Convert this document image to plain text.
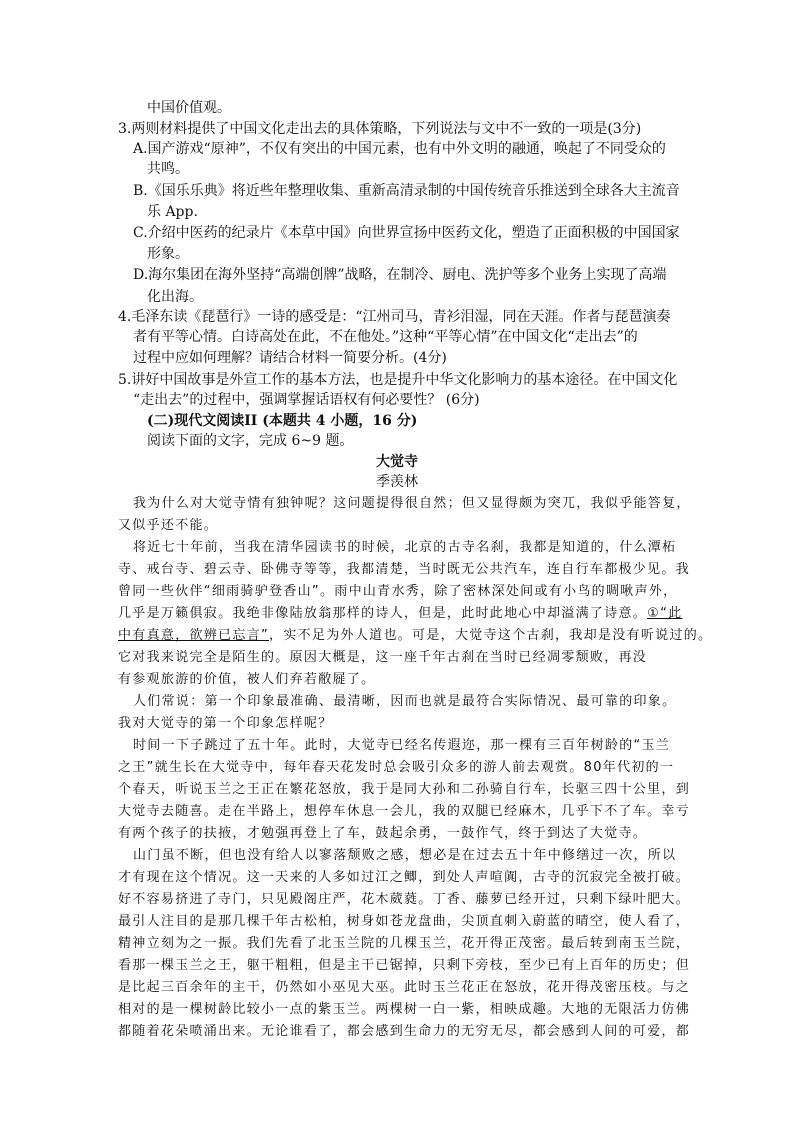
中国价值观。
3.两则材料提供了中国文化走出去的具体策略，下列说法与文中不一致的一项是(3分)
A.国产游戏“原神”，不仅有突出的中国元素，也有中外文明的融通，唤起了不同受众的
共鸣。
B.《国乐乐典》将近些年整理收集、重新高清录制的中国传统音乐推送到全球各大主流音
乐 App.
C.介绍中医药的纪录片《本草中国》向世界宣扬中医药文化，塑造了正面积极的中国国家
形象。
D.海尔集团在海外坚持“高端创牌”战略，在制冷、厨电、洗护等多个业务上实现了高端
化出海。
4.毛泽东读《琵琶行》一诗的感受是：“江州司马，青衫泪湿，同在天涯。作者与琵琶演奏
者有平等心情。白诗高处在此，不在他处。”这种“平等心情”在中国文化“走出去”的
过程中应如何理解？请结合材料一简要分析。(4分)
5.讲好中国故事是外宣工作的基本方法，也是提升中华文化影响力的基本途径。在中国文化
“走出去”的过程中，强调掌握话语权有何必要性？ (6分)
(二)现代文阅读II (本题共 4 小题，16 分)
阅读下面的文字，完成 6~9 题。
大觉寺
季羡林
我为什么对大觉寺情有独钟呢？这问题提得很自然；但又显得颇为突兀，我似乎能答复，
又似乎还不能。
将近七十年前，当我在清华园读书的时候，北京的古寺名刹，我都是知道的，什么潭柘
寺、戒台寺、碧云寺、卧佛寺等等，我都清楚，当时既无公共汽车，连自行车都极少见。我
曾同一些伙伴“细雨骑驴登香山”。雨中山青水秀，除了密林深处间或有小鸟的啁啾声外，
几乎是万籁俱寂。我绝非像陆放翁那样的诗人，但是，此时此地心中却溢满了诗意。①“此
中有真意，欲辨已忘言”，实不足为外人道也。可是，大觉寺这个古刹，我却是没有听说过的。
它对我来说完全是陌生的。原因大概是，这一座千年古刹在当时已经凋零颓败，再没
有参观旅游的价值，被人们弃若敝屣了。
人们常说：第一个印象最准确、最清晰，因而也就是最符合实际情况、最可靠的印象。
我对大觉寺的第一个印象怎样呢？
时间一下子跳过了五十年。此时，大觉寺已经名传遐迩，那一棵有三百年树龄的“玉兰
之王”就生长在大觉寺中，每年春天花发时总会吸引众多的游人前去观赏。80年代初的一
个春天，听说玉兰之王正在繁花怒放，我于是同大孙和二孙骑自行车，长驱三四十公里，到
大觉寺去随喜。走在半路上，想停车休息一会儿，我的双腿已经麻木，几乎下不了车。幸亏
有两个孩子的扶掖，才勉强再登上了车，鼓起余勇，一鼓作气，终于到达了大觉寺。
山门虽不断，但也没有给人以寥落颓败之感，想必是在过去五十年中修缮过一次，所以
才有现在这个情况。这一天来的人多如过江之鲫，到处人声喧阗，古寺的沉寂完全被打破。
好不容易挤进了寺门，只见殿阁庄严，花木葳蕤。丁香、藤萝已经开过，只剩下绿叶肥大。
最引人注目的是那几棵千年古松柏，树身如苍龙盘曲，尖顶直刺入蔚蓝的晴空，使人看了，
精神立刻为之一振。我们先看了北玉兰院的几棵玉兰，花开得正茂密。最后转到南玉兰院，
看那一棵玉兰之王，躯干粗粗，但是主干已锯掉，只剩下旁枝，至少已有上百年的历史；但
是比起三百余年的主干，仍然如小巫见大巫。此时玉兰花正在怒放，花开得茂密压枝。与之
相对的是一棵树龄比较小一点的紫玉兰。两棵树一白一紫，相映成趣。大地的无限活力仿佛
都随着花朵喷涌出来。无论谁看了，都会感到生命力的无穷无尽，都会感到人间的可爱，都
